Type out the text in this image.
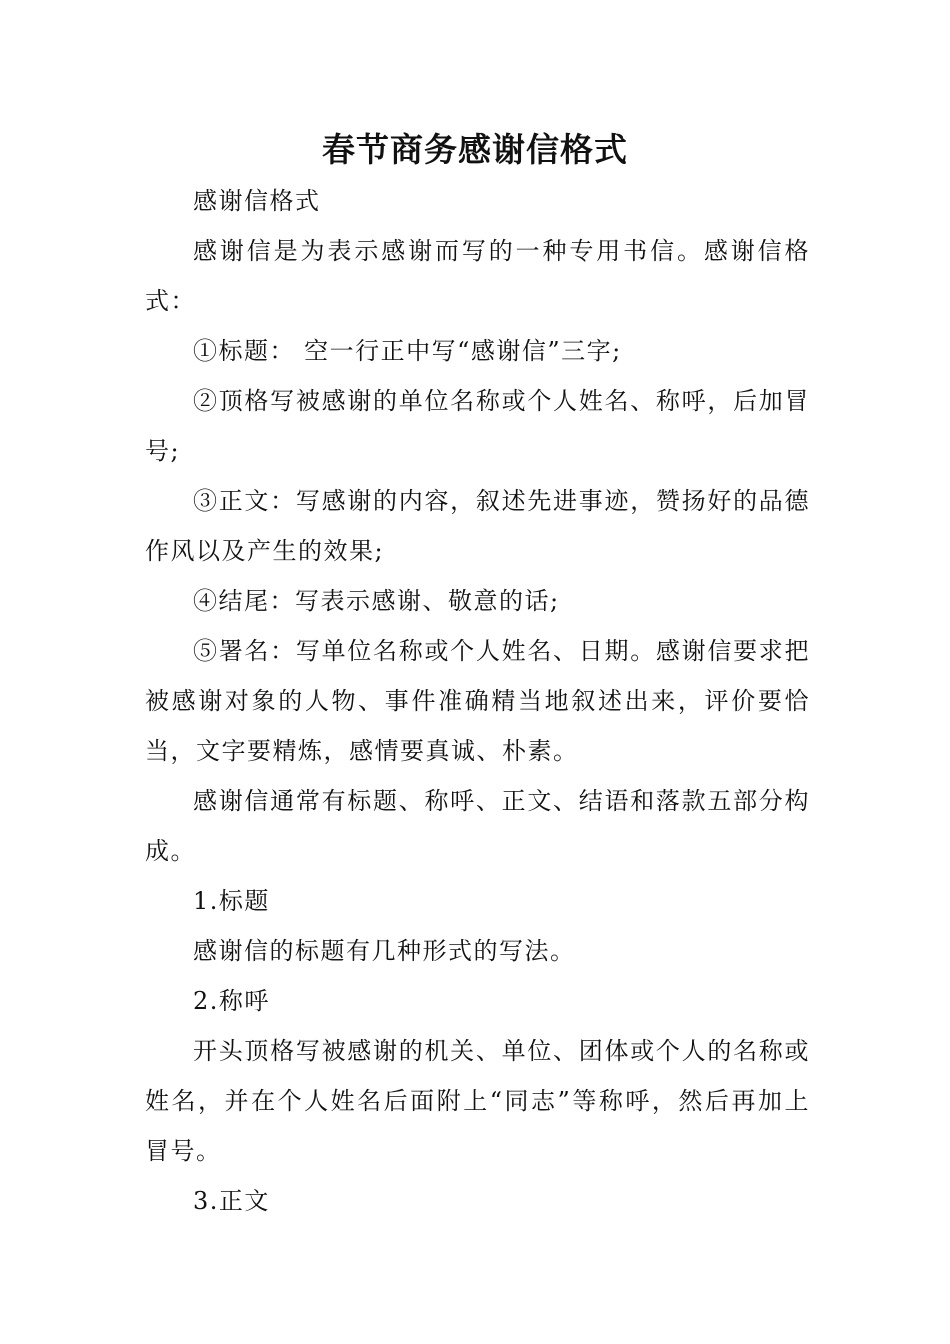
春节商务感谢信格式

感谢信格式

感谢信是为表示感谢而写的一种专用书信。感谢信格式：

①标题： 空一行正中写“感谢信”三字;

②顶格写被感谢的单位名称或个人姓名、称呼，后加冒号;

③正文：写感谢的内容，叙述先进事迹，赞扬好的品德作风以及产生的效果;

④结尾：写表示感谢、敬意的话;

⑤署名：写单位名称或个人姓名、日期。感谢信要求把被感谢对象的人物、事件准确精当地叙述出来，评价要恰当，文字要精炼，感情要真诚、朴素。

感谢信通常有标题、称呼、正文、结语和落款五部分构成。

1.标题

感谢信的标题有几种形式的写法。

2.称呼

开头顶格写被感谢的机关、单位、团体或个人的名称或姓名，并在个人姓名后面附上“同志”等称呼，然后再加上冒号。

3.正文
